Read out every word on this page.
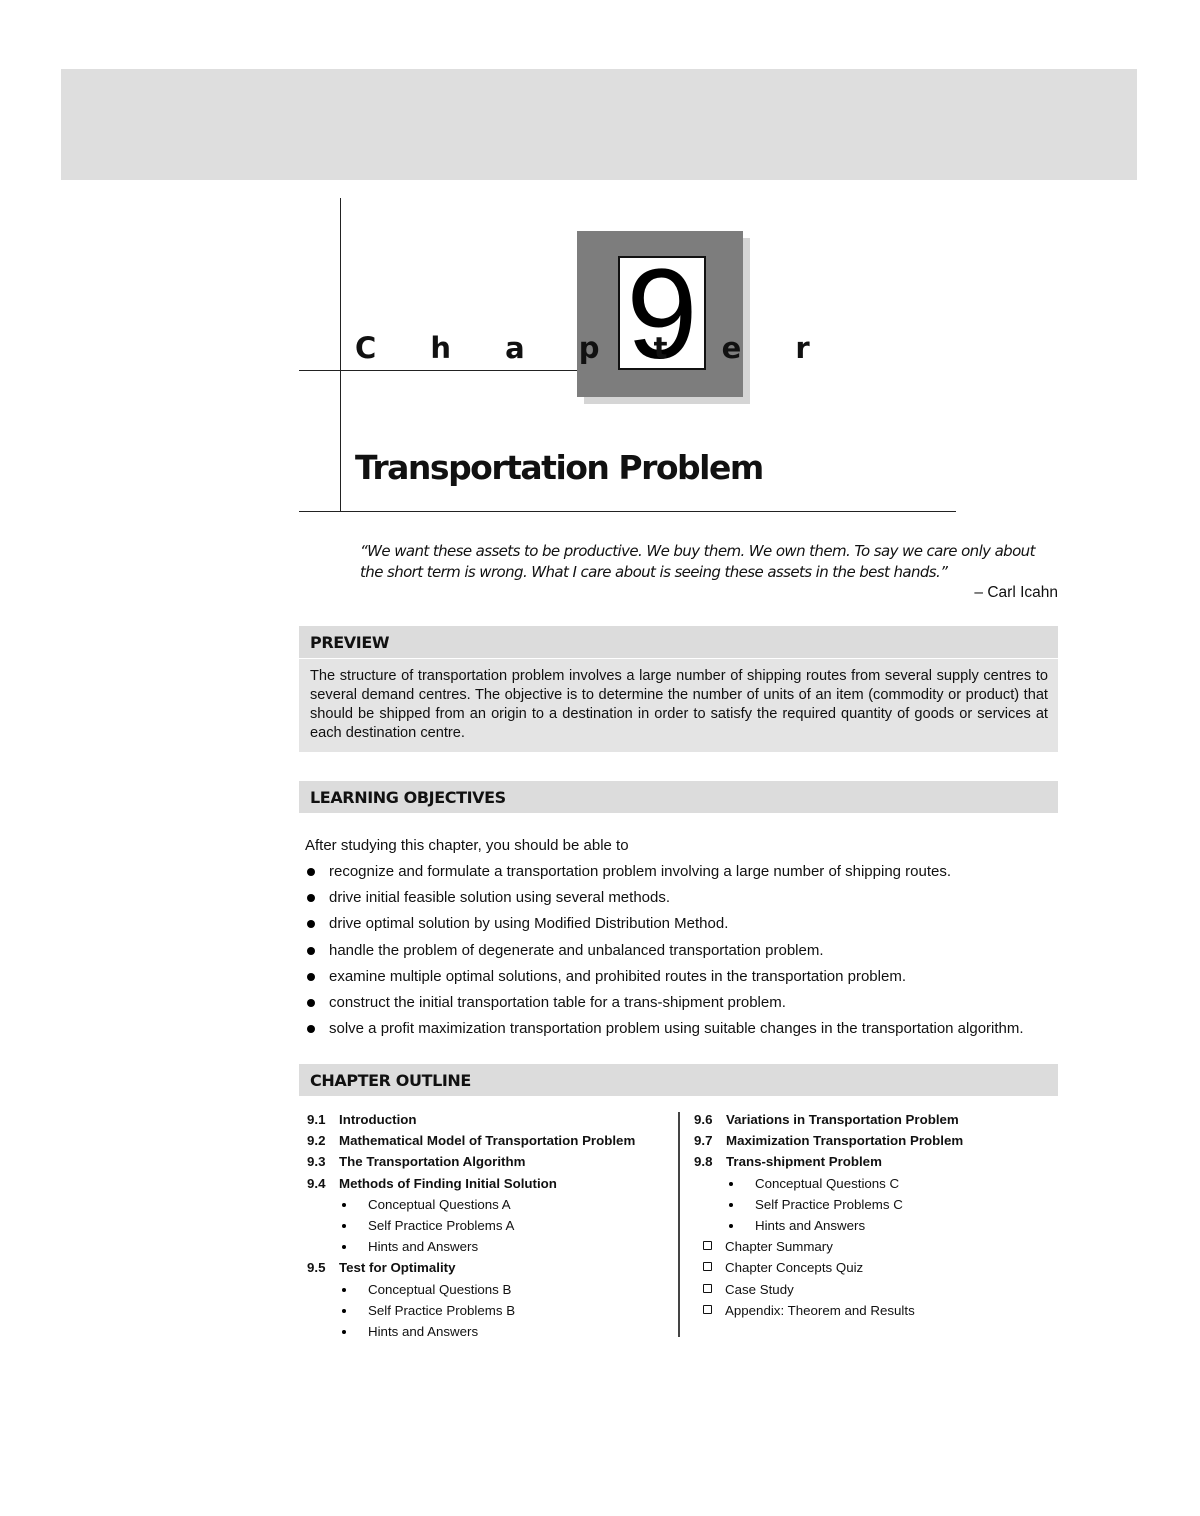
9
C h a p t e r
Transportation Problem
“We want these assets to be productive. We buy them. We own them. To say we care only about the short term is wrong. What I care about is seeing these assets in the best hands.”
– Carl Icahn
PREVIEW
The structure of transportation problem involves a large number of shipping routes from several supply centres to several demand centres. The objective is to determine the number of units of an item (commodity or product) that should be shipped from an origin to a destination in order to satisfy the required quantity of goods or services at each destination centre.
LEARNING OBJECTIVES
After studying this chapter, you should be able to
recognize and formulate a transportation problem involving a large number of shipping routes.
drive initial feasible solution using several methods.
drive optimal solution by using Modified Distribution Method.
handle the problem of degenerate and unbalanced transportation problem.
examine multiple optimal solutions, and prohibited routes in the transportation problem.
construct the initial transportation table for a trans-shipment problem.
solve a profit maximization transportation problem using suitable changes in the transportation algorithm.
CHAPTER OUTLINE
9.1 Introduction
9.2 Mathematical Model of Transportation Problem
9.3 The Transportation Algorithm
9.4 Methods of Finding Initial Solution
Conceptual Questions A
Self Practice Problems A
Hints and Answers
9.5 Test for Optimality
Conceptual Questions B
Self Practice Problems B
Hints and Answers
9.6 Variations in Transportation Problem
9.7 Maximization Transportation Problem
9.8 Trans-shipment Problem
Conceptual Questions C
Self Practice Problems C
Hints and Answers
Chapter Summary
Chapter Concepts Quiz
Case Study
Appendix: Theorem and Results
